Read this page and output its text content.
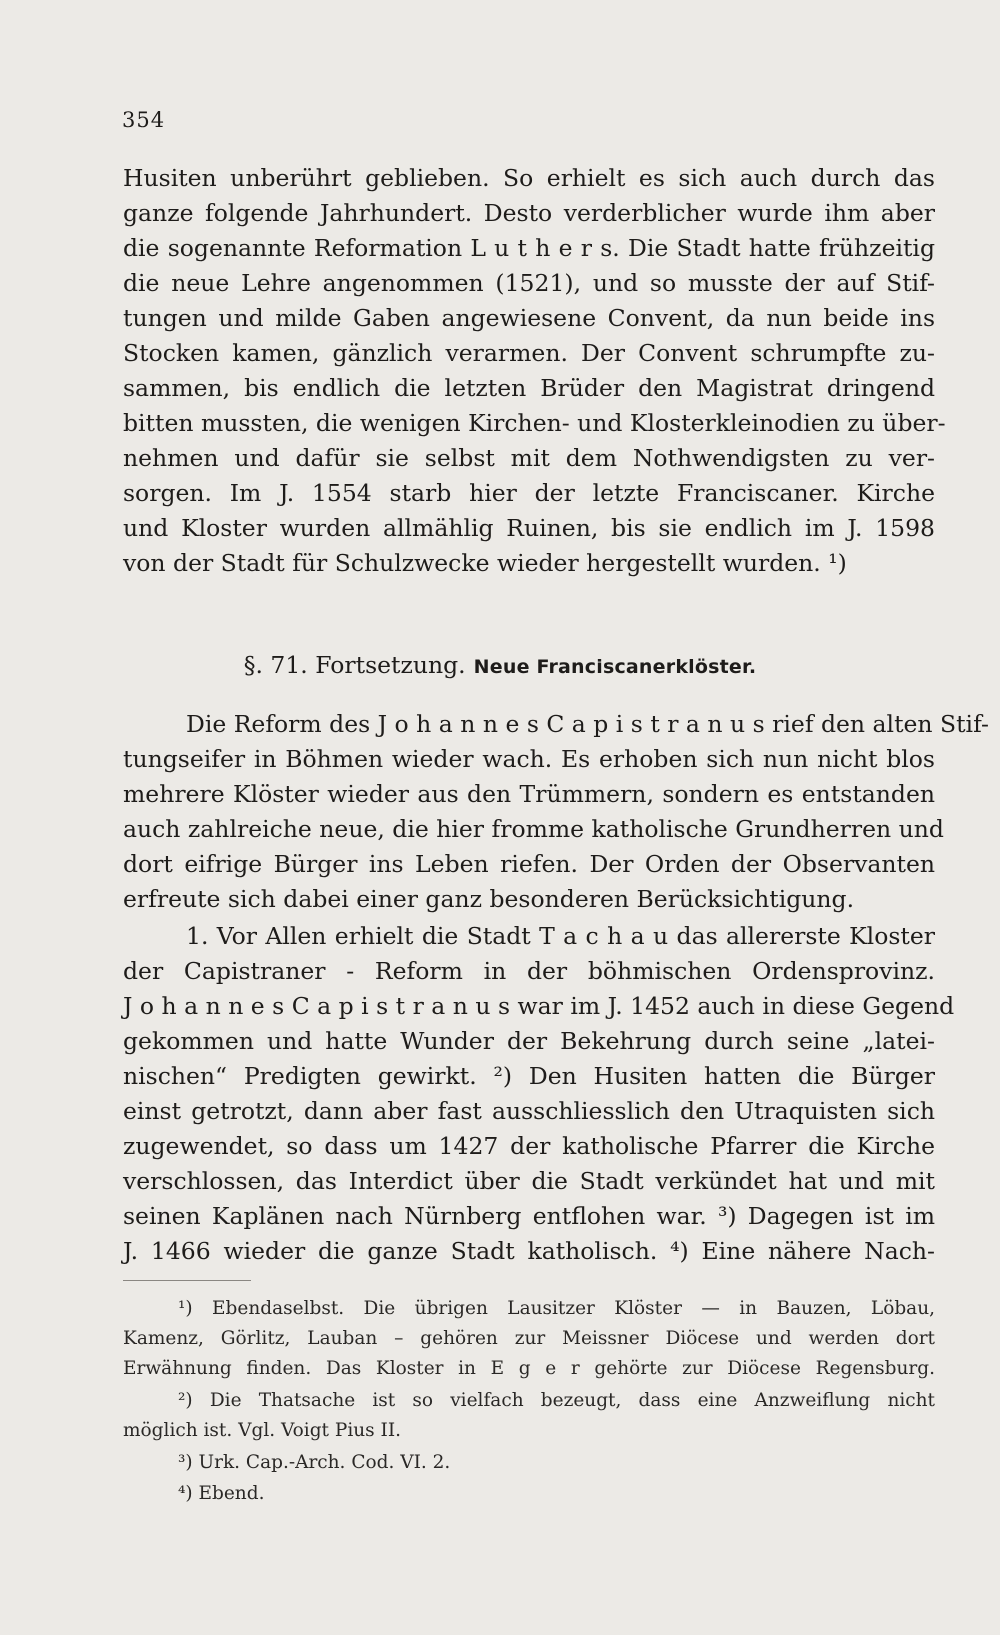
354
Husiten unberührt geblieben. So erhielt es sich auch durch das
ganze folgende Jahrhundert. Desto verderblicher wurde ihm aber
die sogenannte Reformation L u t h e r s. Die Stadt hatte frühzeitig
die neue Lehre angenommen (1521), und so musste der auf Stif-
tungen und milde Gaben angewiesene Convent, da nun beide ins
Stocken kamen, gänzlich verarmen. Der Convent schrumpfte zu-
sammen, bis endlich die letzten Brüder den Magistrat dringend
bitten mussten, die wenigen Kirchen- und Klosterkleinodien zu über-
nehmen und dafür sie selbst mit dem Nothwendigsten zu ver-
sorgen. Im J. 1554 starb hier der letzte Franciscaner. Kirche
und Kloster wurden allmählig Ruinen, bis sie endlich im J. 1598
von der Stadt für Schulzwecke wieder hergestellt wurden. ¹)
§. 71. Fortsetzung. Neue Franciscanerklöster.
Die Reform des J o h a n n e s C a p i s t r a n u s rief den alten Stif-
tungseifer in Böhmen wieder wach. Es erhoben sich nun nicht blos
mehrere Klöster wieder aus den Trümmern, sondern es entstanden
auch zahlreiche neue, die hier fromme katholische Grundherren und
dort eifrige Bürger ins Leben riefen. Der Orden der Observanten
erfreute sich dabei einer ganz besonderen Berücksichtigung.
1. Vor Allen erhielt die Stadt T a c h a u das allererste Kloster
der Capistraner - Reform in der böhmischen Ordensprovinz.
J o h a n n e s C a p i s t r a n u s war im J. 1452 auch in diese Gegend
gekommen und hatte Wunder der Bekehrung durch seine „latei-
nischen“ Predigten gewirkt. ²) Den Husiten hatten die Bürger
einst getrotzt, dann aber fast ausschliesslich den Utraquisten sich
zugewendet, so dass um 1427 der katholische Pfarrer die Kirche
verschlossen, das Interdict über die Stadt verkündet hat und mit
seinen Kaplänen nach Nürnberg entflohen war. ³) Dagegen ist im
J. 1466 wieder die ganze Stadt katholisch. ⁴) Eine nähere Nach-
¹) Ebendaselbst. Die übrigen Lausitzer Klöster — in Bauzen, Löbau,
Kamenz, Görlitz, Lauban – gehören zur Meissner Diöcese und werden dort
Erwähnung finden. Das Kloster in E g e r gehörte zur Diöcese Regensburg.
²) Die Thatsache ist so vielfach bezeugt, dass eine Anzweiflung nicht
möglich ist. Vgl. Voigt Pius II.
³) Urk. Cap.-Arch. Cod. VI. 2.
⁴) Ebend.
